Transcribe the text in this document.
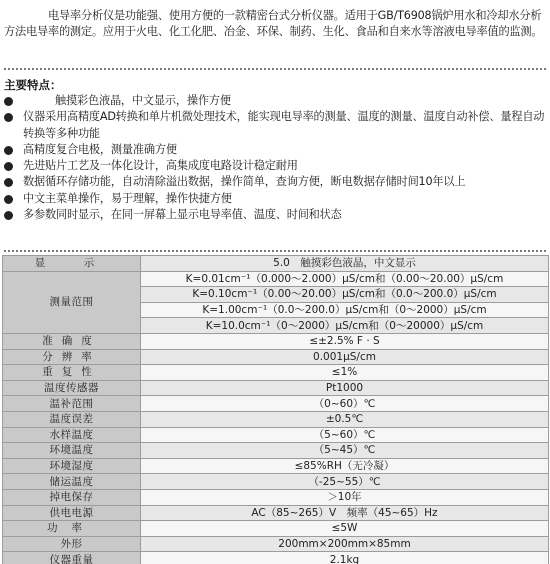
电导率分析仪是功能强、使用方便的一款精密台式分析仪器。适用于GB/T6908锅炉用水和冷却水分析方法电导率的测定。应用于火电、化工化肥、冶金、环保、制药、生化、食品和自来水等溶液电导率值的监测。

主要特点：
触摸彩色液晶，中文显示，操作方便
仪器采用高精度AD转换和单片机微处理技术，能实现电导率的测量、温度的测量、温度自动补偿、量程自动转换等多种功能
高精度复合电极，测量准确方便
先进贴片工艺及一体化设计，高集成度电路设计稳定耐用
数据循环存储功能，自动清除溢出数据，操作简单，查询方便，断电数据存储时间10年以上
中文主菜单操作，易于理解，操作快捷方便
多参数同时显示，在同一屏幕上显示电导率值、温度、时间和状态
显　示	5.0　触摸彩色液晶，中文显示
测量范围	K=0.01cm⁻¹（0.000～2.000）μS/cm和（0.00～20.00）μS/cm
	K=0.10cm⁻¹（0.00～20.00）μS/cm和（0.0～200.0）μS/cm
	K=1.00cm⁻¹（0.0～200.0）μS/cm和（0～2000）μS/cm
	K=10.0cm⁻¹（0～2000）μS/cm和（0～20000）μS/cm
准确度	≤±2.5% F · S
分辨率	0.001μS/cm
重复性	≤1%
温度传感器	Pt1000
温补范围	（0~60）℃
温度误差	±0.5℃
水样温度	（5~60）℃
环境温度	（5~45）℃
环境湿度	≤85%RH（无冷凝）
储运温度	（-25~55）℃
掉电保存	＞10年
供电电源	AC（85~265）V　频率（45~65）Hz
功率	≤5W
外形	200mm×200mm×85mm
仪器重量	2.1kg
